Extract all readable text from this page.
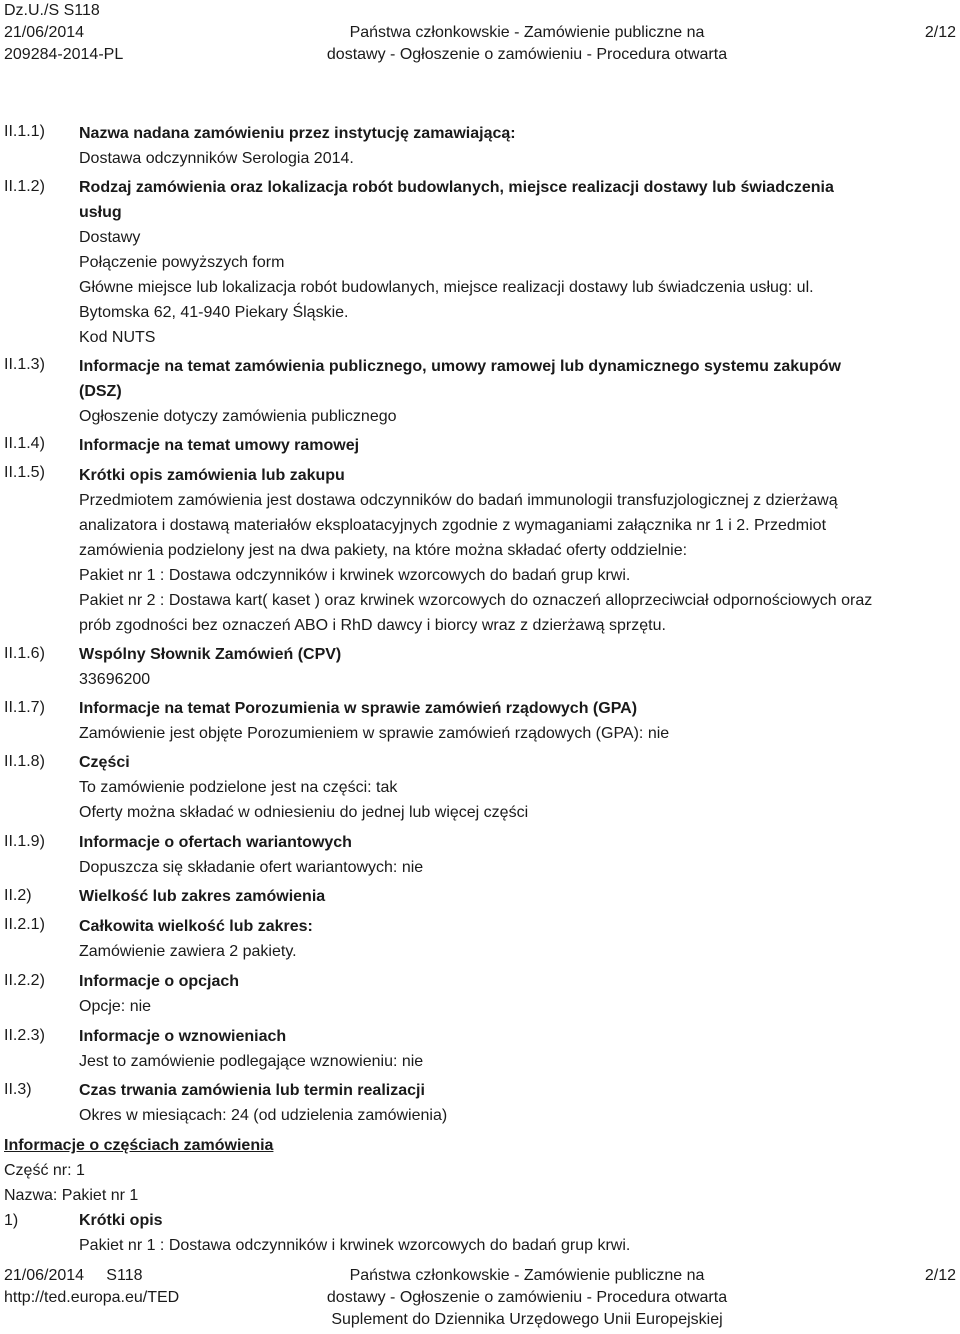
Dz.U./S S118
21/06/2014
209284-2014-PL
Państwa członkowskie - Zamówienie publiczne na
dostawy - Ogłoszenie o zamówieniu - Procedura otwarta
2/12
II.1.1)
II.1.2)
II.1.3)
II.1.4)
II.1.5)
II.1.6)
II.1.7)
II.1.8)
II.1.9)
II.2)
II.2.1)
II.2.2)
II.2.3)
II.3)
Nazwa nadana zamówieniu przez instytucję zamawiającą:
Dostawa odczynników Serologia 2014.
Rodzaj zamówienia oraz lokalizacja robót budowlanych, miejsce realizacji dostawy lub świadczenia
usług
Dostawy
Połączenie powyższych form
Główne miejsce lub lokalizacja robót budowlanych, miejsce realizacji dostawy lub świadczenia usług: ul.
Bytomska 62, 41-940 Piekary Śląskie.
Kod NUTS
Informacje na temat zamówienia publicznego, umowy ramowej lub dynamicznego systemu zakupów
(DSZ)
Ogłoszenie dotyczy zamówienia publicznego
Informacje na temat umowy ramowej
Krótki opis zamówienia lub zakupu
Przedmiotem zamówienia jest dostawa odczynników do badań immunologii transfuzjologicznej z dzierżawą
analizatora i dostawą materiałów eksploatacyjnych zgodnie z wymaganiami załącznika nr 1 i 2. Przedmiot
zamówienia podzielony jest na dwa pakiety, na które można składać oferty oddzielnie:
Pakiet nr 1 : Dostawa odczynników i krwinek wzorcowych do badań grup krwi.
Pakiet nr 2 : Dostawa kart( kaset ) oraz krwinek wzorcowych do oznaczeń alloprzeciwciał odpornościowych oraz
prób zgodności bez oznaczeń ABO i RhD dawcy i biorcy wraz z dzierżawą sprzętu.
Wspólny Słownik Zamówień (CPV)
33696200
Informacje na temat Porozumienia w sprawie zamówień rządowych (GPA)
Zamówienie jest objęte Porozumieniem w sprawie zamówień rządowych (GPA): nie
Części
To zamówienie podzielone jest na części: tak
Oferty można składać w odniesieniu do jednej lub więcej części
Informacje o ofertach wariantowych
Dopuszcza się składanie ofert wariantowych: nie
Wielkość lub zakres zamówienia
Całkowita wielkość lub zakres:
Zamówienie zawiera 2 pakiety.
Informacje o opcjach
Opcje: nie
Informacje o wznowieniach
Jest to zamówienie podlegające wznowieniu: nie
Czas trwania zamówienia lub termin realizacji
Okres w miesiącach: 24 (od udzielenia zamówienia)
Informacje o częściach zamówienia
Część nr: 1
Nazwa: Pakiet nr 1
1)	Krótki opis
Pakiet nr 1 : Dostawa odczynników i krwinek wzorcowych do badań grup krwi.
21/06/2014     S118
http://ted.europa.eu/TED
Państwa członkowskie - Zamówienie publiczne na
dostawy - Ogłoszenie o zamówieniu - Procedura otwarta
Suplement do Dziennika Urzędowego Unii Europejskiej
2/12
